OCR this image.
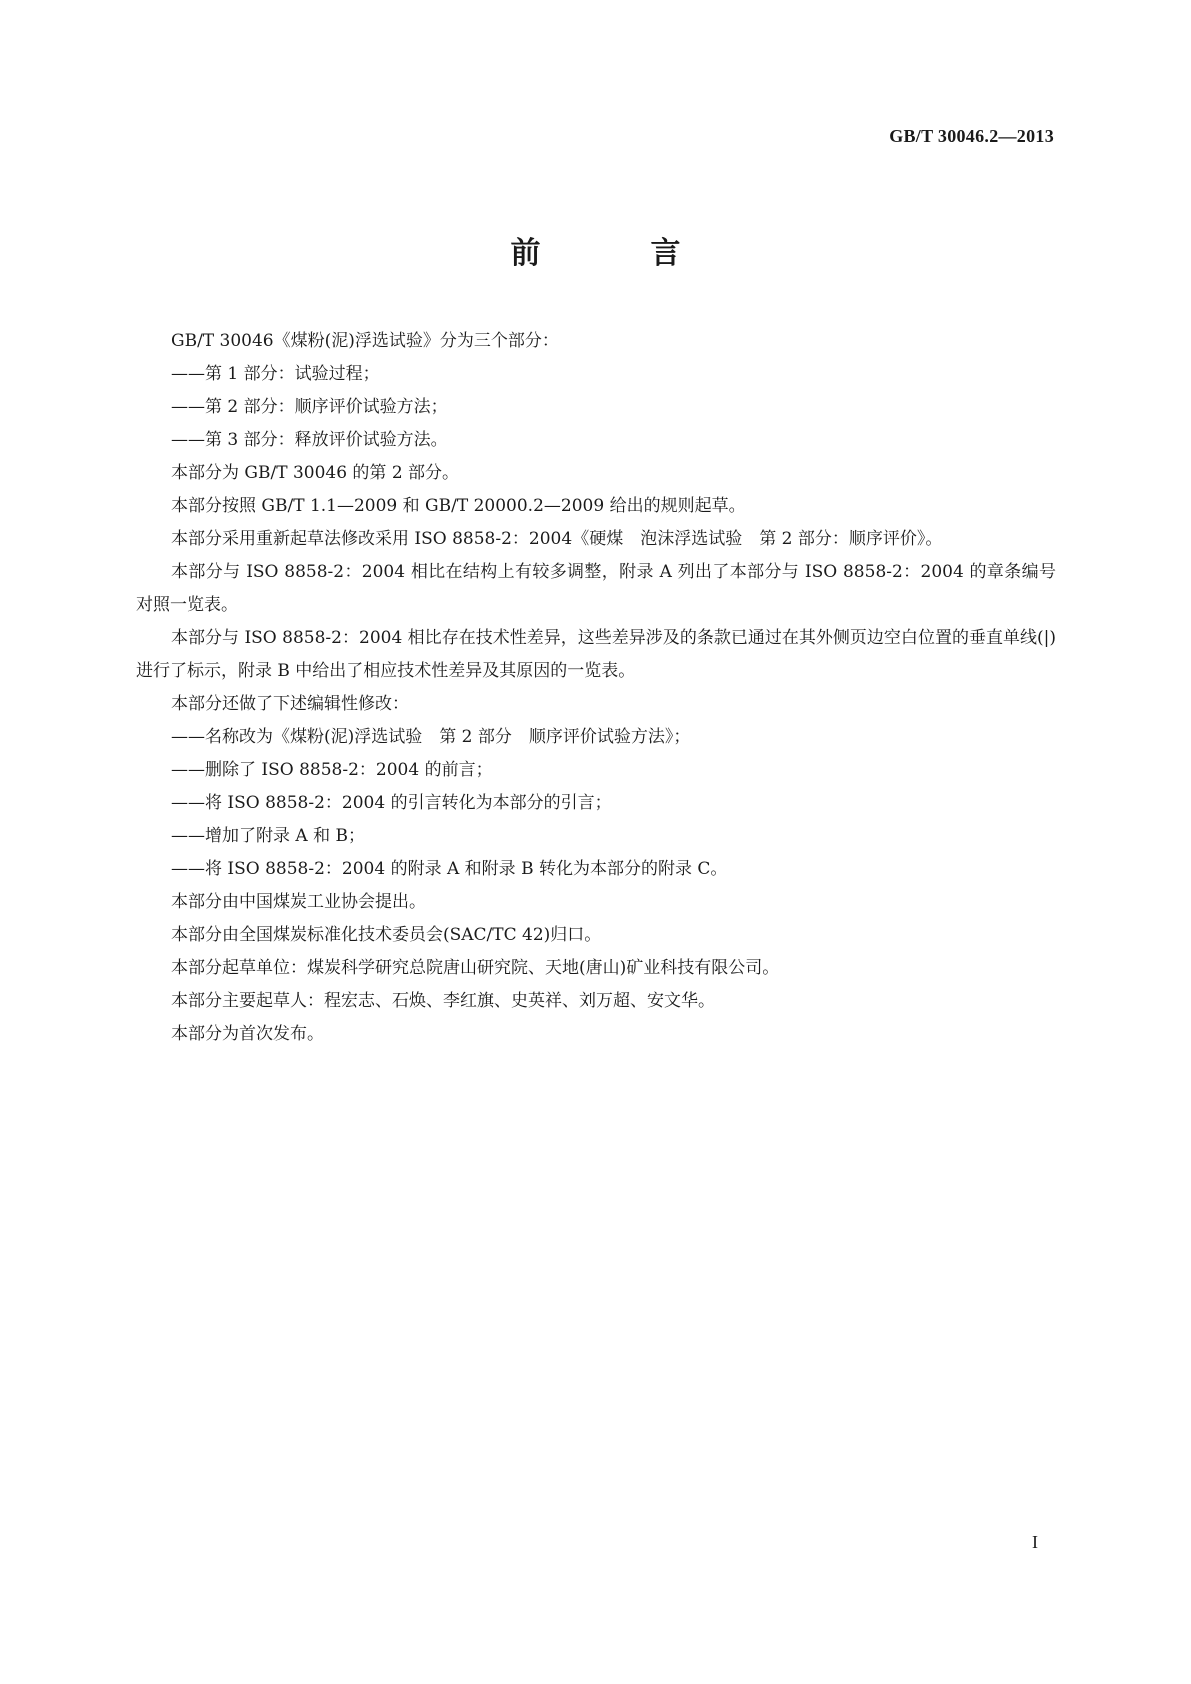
GB/T 30046.2—2013
前　言

GB/T 30046《煤粉(泥)浮选试验》分为三个部分：

——第 1 部分：试验过程；

——第 2 部分：顺序评价试验方法；

——第 3 部分：释放评价试验方法。

本部分为 GB/T 30046 的第 2 部分。

本部分按照 GB/T 1.1—2009 和 GB/T 20000.2—2009 给出的规则起草。

本部分采用重新起草法修改采用 ISO 8858-2：2004《硬煤　泡沫浮选试验　第 2 部分：顺序评价》。

本部分与 ISO 8858-2：2004 相比在结构上有较多调整，附录 A 列出了本部分与 ISO 8858-2：2004 的章条编号对照一览表。

本部分与 ISO 8858-2：2004 相比存在技术性差异，这些差异涉及的条款已通过在其外侧页边空白位置的垂直单线(|)进行了标示，附录 B 中给出了相应技术性差异及其原因的一览表。

本部分还做了下述编辑性修改：

——名称改为《煤粉(泥)浮选试验　第 2 部分　顺序评价试验方法》；

——删除了 ISO 8858-2：2004 的前言；

——将 ISO 8858-2：2004 的引言转化为本部分的引言；

——增加了附录 A 和 B；

——将 ISO 8858-2：2004 的附录 A 和附录 B 转化为本部分的附录 C。

本部分由中国煤炭工业协会提出。

本部分由全国煤炭标准化技术委员会(SAC/TC 42)归口。

本部分起草单位：煤炭科学研究总院唐山研究院、天地(唐山)矿业科技有限公司。

本部分主要起草人：程宏志、石焕、李红旗、史英祥、刘万超、安文华。

本部分为首次发布。

I
